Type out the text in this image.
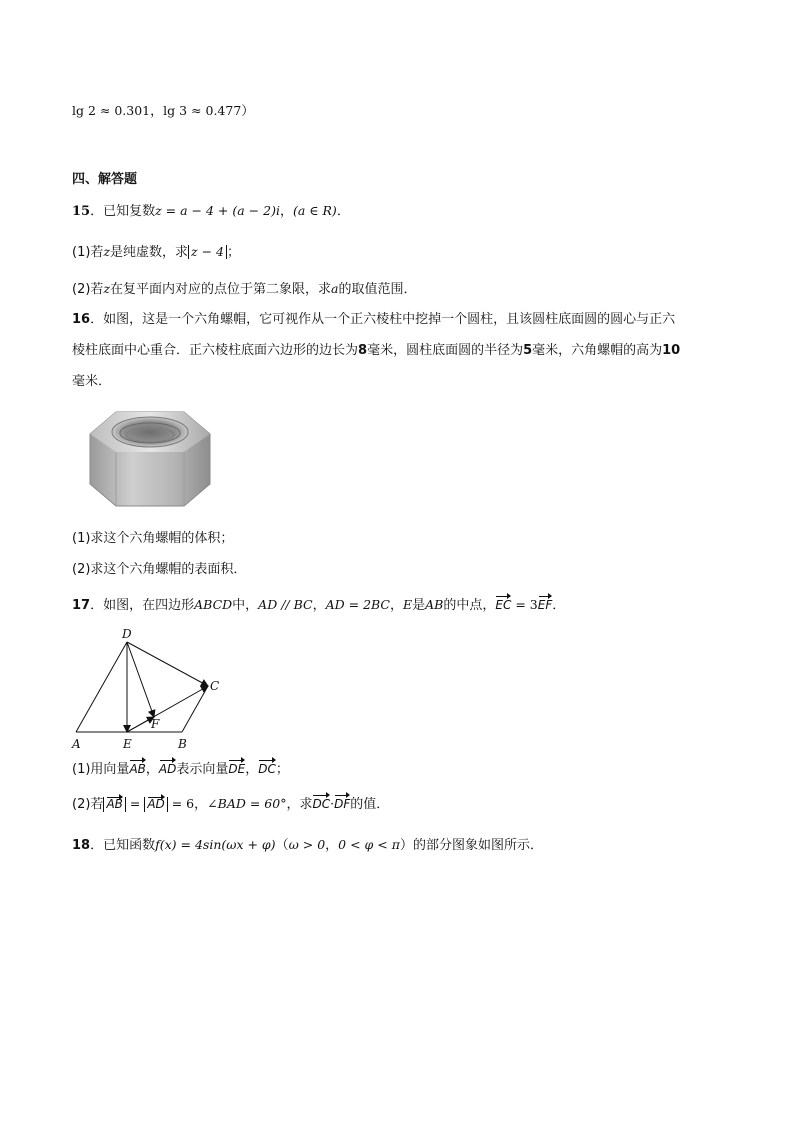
lg 2 ≈ 0.301，lg 3 ≈ 0.477）
四、解答题
15．已知复数z = a − 4 + (a − 2)i，(a ∈ R)．
(1)若z是纯虚数，求 z − 4 ；
(2)若z在复平面内对应的点位于第二象限，求a的取值范围．
16．如图，这是一个六角螺帽，它可视作从一个正六棱柱中挖掉一个圆柱，且该圆柱底面圆的圆心与正六
棱柱底面中心重合．正六棱柱底面六边形的边长为8毫米，圆柱底面圆的半径为5毫米，六角螺帽的高为10
毫米．
(1)求这个六角螺帽的体积；
(2)求这个六角螺帽的表面积．
17．如图，在四边形ABCD中，AD // BC，AD = 2BC，E是AB的中点，EC = 3EF．
D
C
F
A	E	B
(1)用向量AB，AD表示向量DE，DC；
(2)若 AB = AD = 6，∠BAD = 60°，求DC·DF的值．
18．已知函数f(x) = 4sin(ωx + φ)（ω > 0，0 < φ < π）的部分图象如图所示．
